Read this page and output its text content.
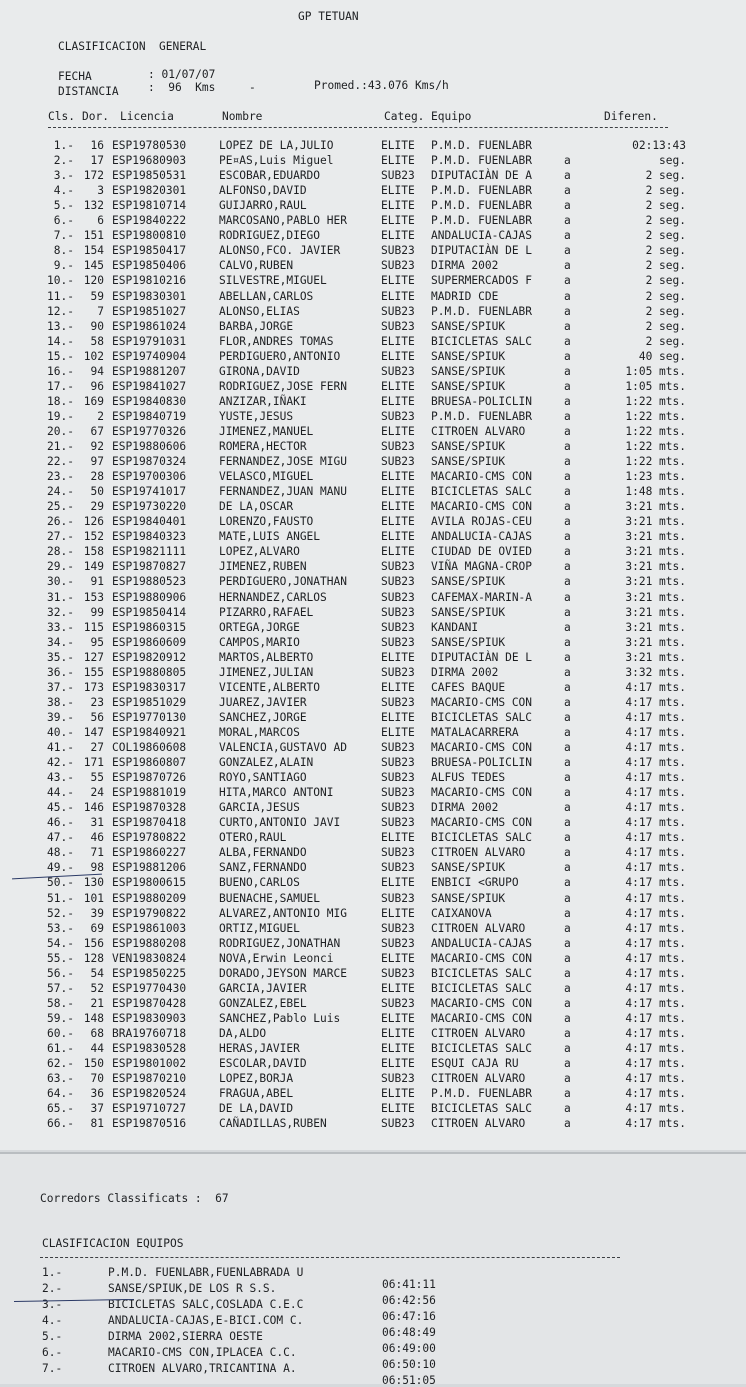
GP TETUAN
CLASIFICACION  GENERAL
FECHA	: 01/07/07
DISTANCIA	:  96  Kms     -	Promed.:43.076 Kms/h
Cls. Dor. Licencia	Nombre	Categ. Equipo	Diferen.
1.-	16 ESP19780530	LOPEZ DE LA,JULIO	ELITE P.M.D. FUENLABR	02:13:43
2.-	17 ESP19680903	PE¤AS,Luis Miguel	ELITE P.M.D. FUENLABR	a	seg.
3.- 172 ESP19850531	ESCOBAR,EDUARDO	SUB23 DIPUTACIÀN DE A	a	2 seg.
4.-	3 ESP19820301	ALFONSO,DAVID	ELITE P.M.D. FUENLABR	a	2 seg.
5.- 132 ESP19810714	GUIJARRO,RAUL	ELITE P.M.D. FUENLABR	a	2 seg.
6.-	6 ESP19840222	MARCOSANO,PABLO HER	ELITE P.M.D. FUENLABR	a	2 seg.
7.- 151 ESP19800810	RODRIGUEZ,DIEGO	ELITE ANDALUCIA-CAJAS	a	2 seg.
8.- 154 ESP19850417	ALONSO,FCO. JAVIER	SUB23 DIPUTACIÀN DE L	a	2 seg.
9.- 145 ESP19850406	CALVO,RUBEN	SUB23 DIRMA 2002	a	2 seg.
10.- 120 ESP19810216	SILVESTRE,MIGUEL	ELITE SUPERMERCADOS F	a	2 seg.
11.-	59 ESP19830301	ABELLAN,CARLOS	ELITE MADRID CDE	a	2 seg.
12.-	7 ESP19851027	ALONSO,ELIAS	SUB23 P.M.D. FUENLABR	a	2 seg.
13.-	90 ESP19861024	BARBA,JORGE	SUB23 SANSE/SPIUK	a	2 seg.
14.-	58 ESP19791031	FLOR,ANDRES TOMAS	ELITE BICICLETAS SALC	a	2 seg.
15.- 102 ESP19740904	PERDIGUERO,ANTONIO	ELITE SANSE/SPIUK	a	40 seg.
16.-	94 ESP19881207	GIRONA,DAVID	SUB23 SANSE/SPIUK	a	1:05 mts.
17.-	96 ESP19841027	RODRIGUEZ,JOSE FERN	ELITE SANSE/SPIUK	a	1:05 mts.
18.- 169 ESP19840830	ANZIZAR,IÑAKI	ELITE BRUESA-POLICLIN	a	1:22 mts.
19.-	2 ESP19840719	YUSTE,JESUS	SUB23 P.M.D. FUENLABR	a	1:22 mts.
20.-	67 ESP19770326	JIMENEZ,MANUEL	ELITE CITROEN ALVARO	a	1:22 mts.
21.-	92 ESP19880606	ROMERA,HECTOR	SUB23 SANSE/SPIUK	a	1:22 mts.
22.-	97 ESP19870324	FERNANDEZ,JOSE MIGU	SUB23 SANSE/SPIUK	a	1:22 mts.
23.-	28 ESP19700306	VELASCO,MIGUEL	ELITE MACARIO-CMS CON	a	1:23 mts.
24.-	50 ESP19741017	FERNANDEZ,JUAN MANU	ELITE BICICLETAS SALC	a	1:48 mts.
25.-	29 ESP19730220	DE LA,OSCAR	ELITE MACARIO-CMS CON	a	3:21 mts.
26.- 126 ESP19840401	LORENZO,FAUSTO	ELITE AVILA ROJAS-CEU	a	3:21 mts.
27.- 152 ESP19840323	MATE,LUIS ANGEL	ELITE ANDALUCIA-CAJAS	a	3:21 mts.
28.- 158 ESP19821111	LOPEZ,ALVARO	ELITE CIUDAD DE OVIED	a	3:21 mts.
29.- 149 ESP19870827	JIMENEZ,RUBEN	SUB23 VIÑA MAGNA-CROP	a	3:21 mts.
30.-	91 ESP19880523	PERDIGUERO,JONATHAN	SUB23 SANSE/SPIUK	a	3:21 mts.
31.- 153 ESP19880906	HERNANDEZ,CARLOS	SUB23 CAFEMAX-MARIN-A	a	3:21 mts.
32.-	99 ESP19850414	PIZARRO,RAFAEL	SUB23 SANSE/SPIUK	a	3:21 mts.
33.- 115 ESP19860315	ORTEGA,JORGE	SUB23 KANDANI	a	3:21 mts.
34.-	95 ESP19860609	CAMPOS,MARIO	SUB23 SANSE/SPIUK	a	3:21 mts.
35.- 127 ESP19820912	MARTOS,ALBERTO	ELITE DIPUTACIÀN DE L	a	3:21 mts.
36.- 155 ESP19880805	JIMENEZ,JULIAN	SUB23 DIRMA 2002	a	3:32 mts.
37.- 173 ESP19830317	VICENTE,ALBERTO	ELITE CAFES BAQUE	a	4:17 mts.
38.-	23 ESP19851029	JUAREZ,JAVIER	SUB23 MACARIO-CMS CON	a	4:17 mts.
39.-	56 ESP19770130	SANCHEZ,JORGE	ELITE BICICLETAS SALC	a	4:17 mts.
40.- 147 ESP19840921	MORAL,MARCOS	ELITE MATALACARRERA	a	4:17 mts.
41.-	27 COL19860608	VALENCIA,GUSTAVO AD	SUB23 MACARIO-CMS CON	a	4:17 mts.
42.- 171 ESP19860807	GONZALEZ,ALAIN	SUB23 BRUESA-POLICLIN	a	4:17 mts.
43.-	55 ESP19870726	ROYO,SANTIAGO	SUB23 ALFUS TEDES	a	4:17 mts.
44.-	24 ESP19881019	HITA,MARCO ANTONI	SUB23 MACARIO-CMS CON	a	4:17 mts.
45.- 146 ESP19870328	GARCIA,JESUS	SUB23 DIRMA 2002	a	4:17 mts.
46.-	31 ESP19870418	CURTO,ANTONIO JAVI	SUB23 MACARIO-CMS CON	a	4:17 mts.
47.-	46 ESP19780822	OTERO,RAUL	ELITE BICICLETAS SALC	a	4:17 mts.
48.-	71 ESP19860227	ALBA,FERNANDO	SUB23 CITROEN ALVARO	a	4:17 mts.
49.-	98 ESP19881206	SANZ,FERNANDO	SUB23 SANSE/SPIUK	a	4:17 mts.
50.- 130 ESP19800615	BUENO,CARLOS	ELITE ENBICI <GRUPO	a	4:17 mts.
51.- 101 ESP19880209	BUENACHE,SAMUEL	SUB23 SANSE/SPIUK	a	4:17 mts.
52.-	39 ESP19790822	ALVAREZ,ANTONIO MIG	ELITE CAIXANOVA	a	4:17 mts.
53.-	69 ESP19861003	ORTIZ,MIGUEL	SUB23 CITROEN ALVARO	a	4:17 mts.
54.- 156 ESP19880208	RODRIGUEZ,JONATHAN	SUB23 ANDALUCIA-CAJAS	a	4:17 mts.
55.- 128 VEN19830824	NOVA,Erwin Leonci	ELITE MACARIO-CMS CON	a	4:17 mts.
56.-	54 ESP19850225	DORADO,JEYSON MARCE	SUB23 BICICLETAS SALC	a	4:17 mts.
57.-	52 ESP19770430	GARCIA,JAVIER	ELITE BICICLETAS SALC	a	4:17 mts.
58.-	21 ESP19870428	GONZALEZ,EBEL	SUB23 MACARIO-CMS CON	a	4:17 mts.
59.- 148 ESP19830903	SANCHEZ,Pablo Luis	ELITE MACARIO-CMS CON	a	4:17 mts.
60.-	68 BRA19760718	DA,ALDO	ELITE CITROEN ALVARO	a	4:17 mts.
61.-	44 ESP19830528	HERAS,JAVIER	ELITE BICICLETAS SALC	a	4:17 mts.
62.- 150 ESP19801002	ESCOLAR,DAVID	ELITE ESQUI CAJA RU	a	4:17 mts.
63.-	70 ESP19870210	LOPEZ,BORJA	SUB23 CITROEN ALVARO	a	4:17 mts.
64.-	36 ESP19820524	FRAGUA,ABEL	ELITE P.M.D. FUENLABR	a	4:17 mts.
65.-	37 ESP19710727	DE LA,DAVID	ELITE BICICLETAS SALC	a	4:17 mts.
66.-	81 ESP19870516	CAÑADILLAS,RUBEN	SUB23 CITROEN ALVARO	a	4:17 mts.
Corredors Classificats :  67
CLASIFICACION EQUIPOS
1.-	P.M.D. FUENLABR,FUENLABRADA U
06:41:11
2.-	SANSE/SPIUK,DE LOS R S.S.
06:42:56
3.-	BICICLETAS SALC,COSLADA C.E.C
06:47:16
4.-	ANDALUCIA-CAJAS,E-BICI.COM C.
06:48:49
5.-	DIRMA 2002,SIERRA OESTE
06:49:00
6.-	MACARIO-CMS CON,IPLACEA C.C.
06:50:10
7.-	CITROEN ALVARO,TRICANTINA A.
06:51:05
